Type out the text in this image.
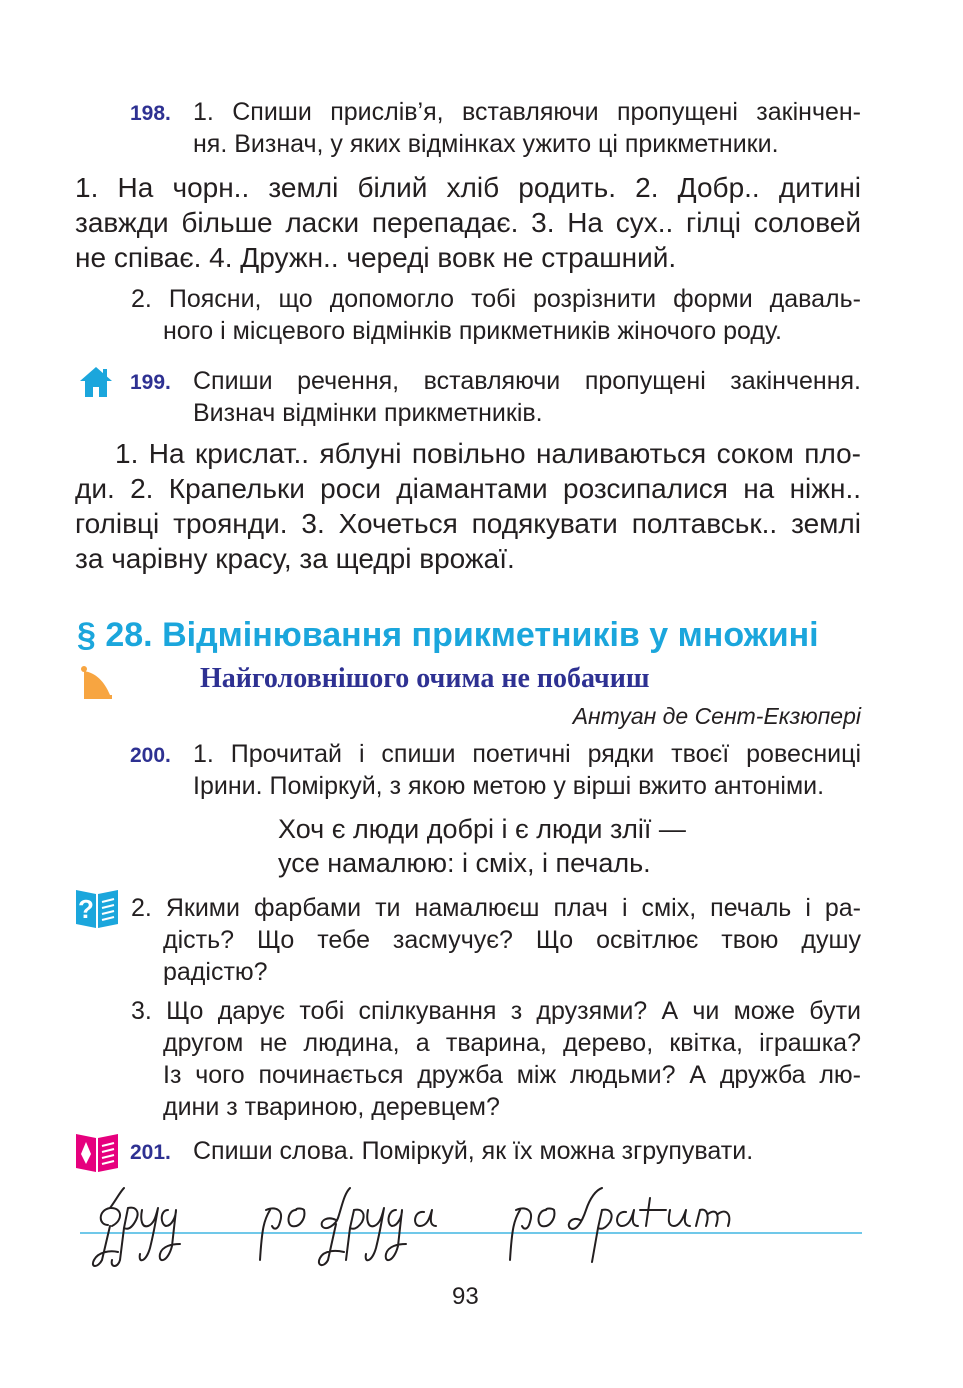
198. 1. Спиши прислів’я, вставляючи пропущені закінчен-
ня. Визнач, у яких відмінках ужито ці прикметники.
1. На чорн.. землі білий хліб родить. 2. Добр.. дитині
завжди більше ласки перепадає. 3. На сух.. гілці соловей
не співає. 4. Дружн.. череді вовк не страшний.
2. Поясни, що допомогло тобі розрізнити форми даваль-
ного і місцевого відмінків прикметників жіночого роду.
199. Спиши речення, вставляючи пропущені закінчення.
Визнач відмінки прикметників.
1. На крислат.. яблуні повільно наливаються соком пло-
ди. 2. Крапельки роси діамантами розсипалися на ніжн..
голівці троянди. 3. Хочеться подякувати полтавськ.. землі
за чарівну красу, за щедрі врожаї.
§ 28. Відмінювання прикметників у множині
Найголовнішого очима не побачиш
Антуан де Сент-Екзюпері
200. 1. Прочитай і спиши поетичні рядки твоєї ровесниці
Ірини. Поміркуй, з якою метою у вірші вжито антоніми.
Хоч є люди добрі і є люди злії —
усе намалюю: і сміх, і печаль.
? 2. Якими фарбами ти намалюєш плач і сміх, печаль і ра-
дість? Що тебе засмучує? Що освітлює твою душу
радістю?
3. Що дарує тобі спілкування з друзями? А чи може бути
другом не людина, а тварина, дерево, квітка, іграшка?
Із чого починається дружба між людьми? А дружба лю-
дини з твариною, деревцем?
201. Спиши слова. Поміркуй, як їх можна згрупувати.
93
